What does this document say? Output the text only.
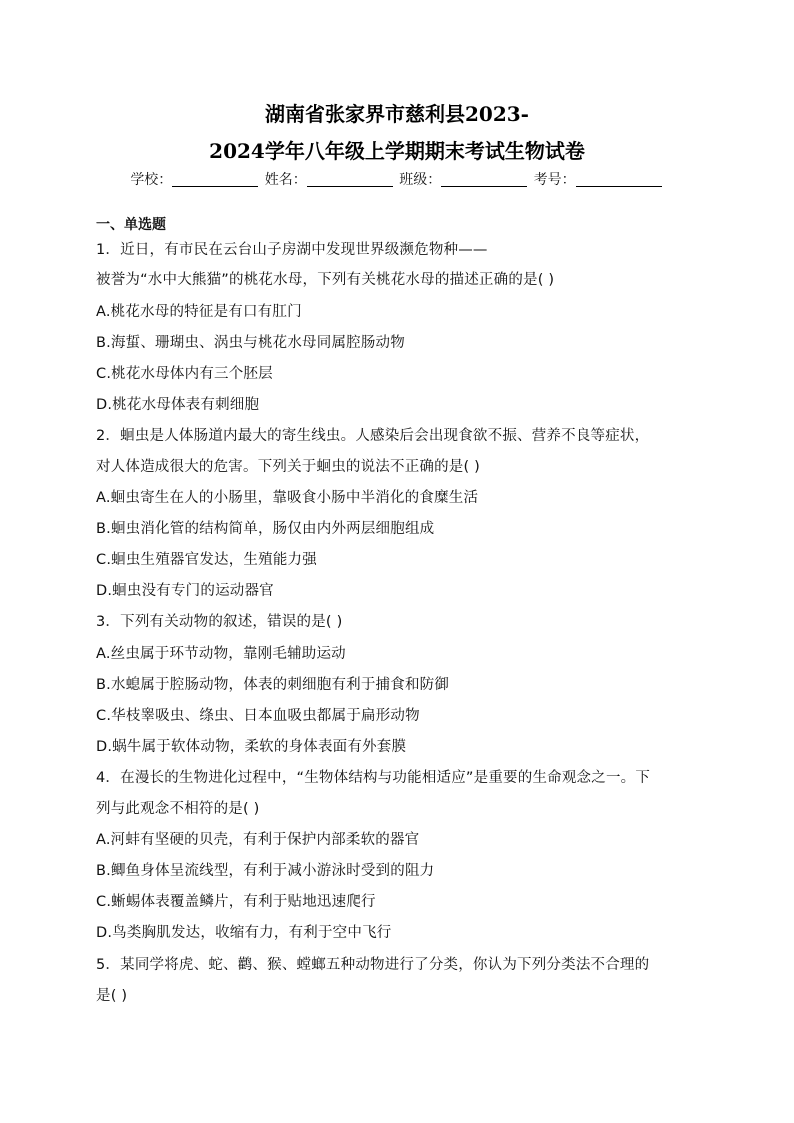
湖南省张家界市慈利县2023-
2024学年八年级上学期期末考试生物试卷
学校：	姓名：	班级：	考号：
一、单选题
1．近日，有市民在云台山子房湖中发现世界级濒危物种——
被誉为“水中大熊猫”的桃花水母，下列有关桃花水母的描述正确的是( )
A.桃花水母的特征是有口有肛门
B.海蜇、珊瑚虫、涡虫与桃花水母同属腔肠动物
C.桃花水母体内有三个胚层
D.桃花水母体表有刺细胞
2．蛔虫是人体肠道内最大的寄生线虫。人感染后会出现食欲不振、营养不良等症状，
对人体造成很大的危害。下列关于蛔虫的说法不正确的是( )
A.蛔虫寄生在人的小肠里，靠吸食小肠中半消化的食糜生活
B.蛔虫消化管的结构简单，肠仅由内外两层细胞组成
C.蛔虫生殖器官发达，生殖能力强
D.蛔虫没有专门的运动器官
3．下列有关动物的叙述，错误的是( )
A.丝虫属于环节动物，靠刚毛辅助运动
B.水螅属于腔肠动物，体表的刺细胞有利于捕食和防御
C.华枝睾吸虫、绦虫、日本血吸虫都属于扁形动物
D.蜗牛属于软体动物，柔软的身体表面有外套膜
4．在漫长的生物进化过程中，“生物体结构与功能相适应”是重要的生命观念之一。下
列与此观念不相符的是( )
A.河蚌有坚硬的贝壳，有利于保护内部柔软的器官
B.鲫鱼身体呈流线型，有利于减小游泳时受到的阻力
C.蜥蜴体表覆盖鳞片，有利于贴地迅速爬行
D.鸟类胸肌发达，收缩有力，有利于空中飞行
5．某同学将虎、蛇、鹳、猴、螳螂五种动物进行了分类，你认为下列分类法不合理的
是( )
